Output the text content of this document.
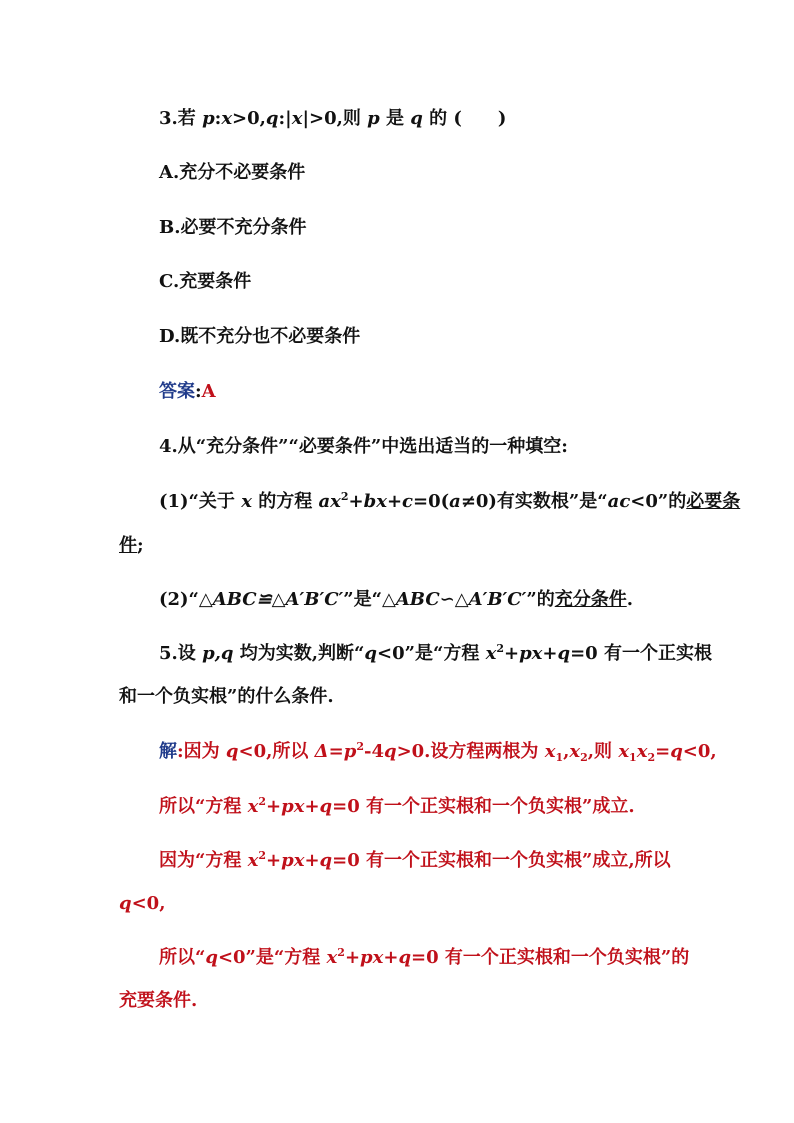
3.若 p:x>0,q:|x|>0,则 p 是 q 的 (　　)
A.充分不必要条件
B.必要不充分条件
C.充要条件
D.既不充分也不必要条件
答案:A
4.从“充分条件”“必要条件”中选出适当的一种填空:
(1)“关于 x 的方程 $ax^2+bx+c=0(a\ne 0)$有实数根”是“ac<0”的必要条
件;
(2)“△ABC≌△A′B′C′”是“△ABC∽△A′B′C′”的充分条件.
5.设 p,q 均为实数,判断“q<0”是“方程 $x^2+px+q=0$ 有一个正实根
和一个负实根”的什么条件.
解:因为 q<0,所以 $\Delta=p^2-4q>0$.设方程两根为 $x_1,x_2$,则 $x_1x_2=q<0$,
所以“方程 $x^2+px+q=0$ 有一个正实根和一个负实根”成立.
因为“方程 $x^2+px+q=0$ 有一个正实根和一个负实根”成立,所以
q<0,
所以“q<0”是“方程 $x^2+px+q=0$ 有一个正实根和一个负实根”的
充要条件.
